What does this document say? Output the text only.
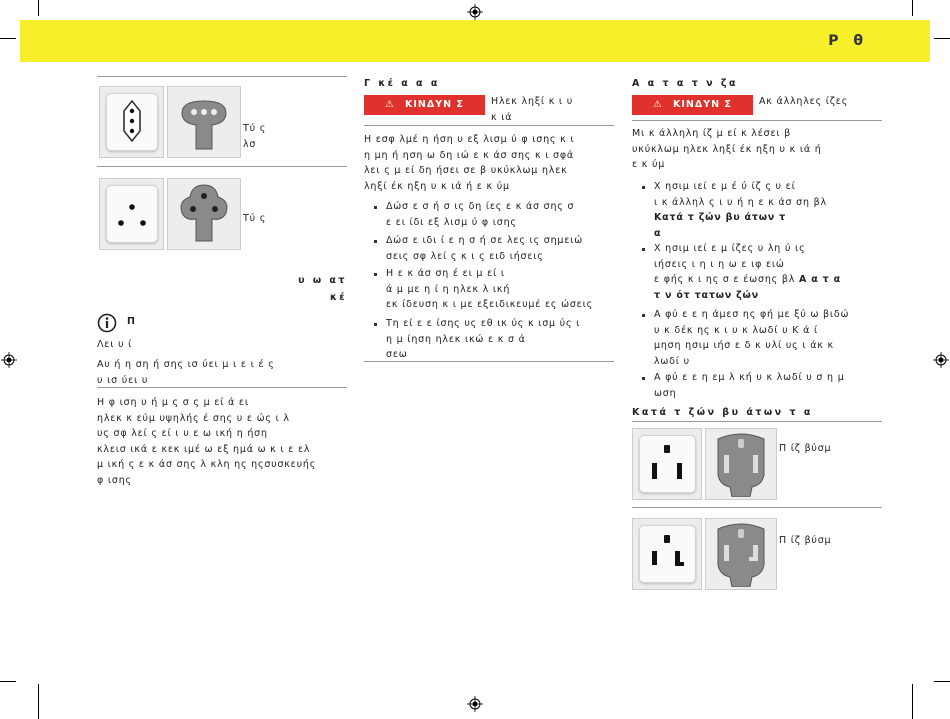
Ρ θ
Τύ ς
λσ
Τύ ς
υ ω ατ
κέ
Π
Λει υ ί
Αυ ή η ση ή σης ισ ύει μ ι ε ι έ ς
υ ισ ύει υ
Η φ ιση υ ή μ ς σ ς μ εί ά ει
ηλεκ κ εύμ υψηλής έ σης υ ε ώς ι λ
υς σφ λεί ς εί ι υ ε ω ική η ήση
κλεισ ικά ε κεκ ιμέ ω εξ ημά ω κ ι ε ελ
μ ική ς ε κ άσ σης λ κλη ης ηςσυσκευής
φ ισης
Γ κέ α α α
⚠ ΚΙΝΔΥΝ Σ	Ηλεκ ληξί κ ι υ
κ ιά
Η εσφ λμέ η ήση υ εξ λισμ ύ φ ισης κ ι
η μη ή ηση ω δη ιώ ε κ άσ σης κ ι σφά
λει ς μ εί δη ήσει σε β υκύκλωμ ηλεκ
ληξί έκ ηξη υ κ ιά ή ε κ ύμ
Δώσ ε σ ή σ ις δη ίες ε κ άσ σης σ
ε ει ίδι εξ λισμ ύ φ ισης
Δώσ ε ιδι ί ε η σ ή σε λες ις σημειώ
σεις σφ λεί ς κ ι ς ειδ ιήσεις
Η ε κ άσ ση έ ει μ εί ι
ά μ με η ί η ηλεκ λ ική
εκ ίδευση κ ι με εξειδικευμέ ες ώσεις
Τη εί ε ε ίσης υς εθ ικ ύς κ ισμ ύς ι
η μ ίηση ηλεκ ικώ ε κ σ ά
σεω
Α α τ α τ ν ζα
⚠ ΚΙΝΔΥΝ Σ	Ακ άλληλες ίζες
Μι κ άλληλη ίζ μ εί κ λέσει β
υκύκλωμ ηλεκ ληξί έκ ηξη υ κ ιά ή
ε κ ύμ
Χ ησιμ ιεί ε μ έ ύ ίζ ς υ εί
ι κ άλληλ ς ι υ ή η ε κ άσ ση βλ Κατά τ ζών βυ άτων τ
α
Χ ησιμ ιεί ε μ ίζες υ λη ύ ις
ιήσεις ι η ι η ω ε ιφ ειώ
ε φής κ ι ης σ ε έωσης βλ Α α τ α
τ ν ότ τατων ζών
Α φύ ε ε η άμεσ ης φή με ξύ ω βιδώ
υ κ δέκ ης κ ι υ κ λωδί υ Κ ά ί
μηση ησιμ ιήσ ε δ κ υλί υς ι άκ κ
λωδί υ
Α φύ ε ε η εμ λ κή υ κ λωδί υ σ η μ
ωση
Κατά τ ζών βυ άτων τ α
Π ίζ βύσμ
Π ίζ βύσμ
